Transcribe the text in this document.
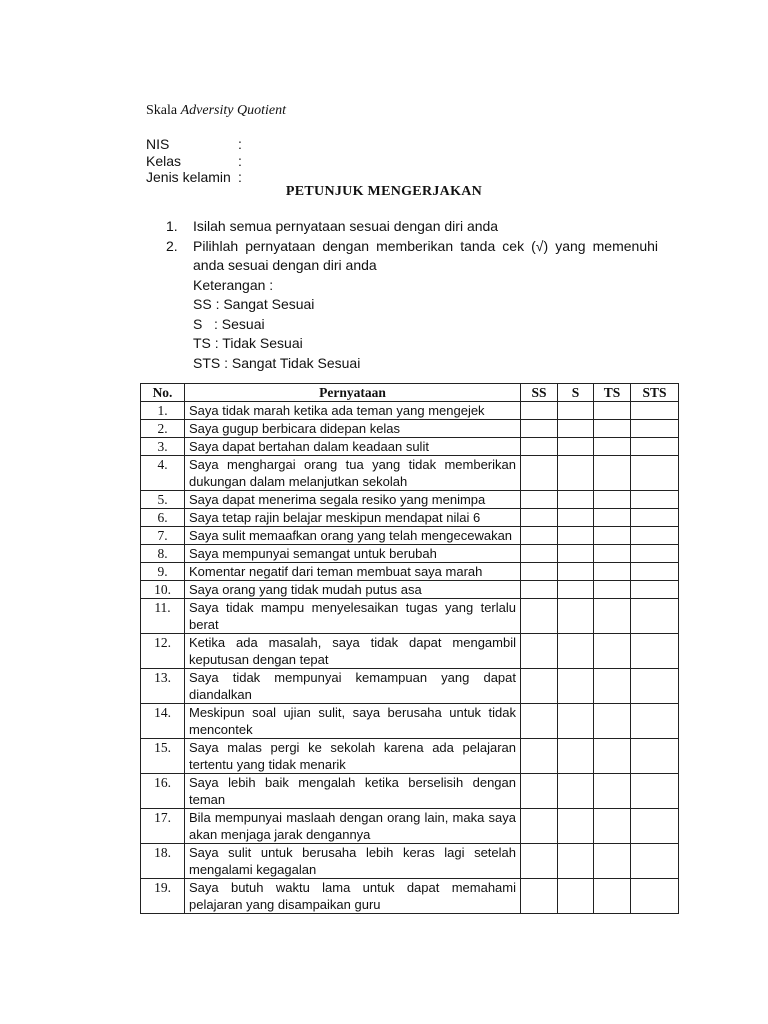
Skala Adversity Quotient
NIS	:
Kelas	:
Jenis kelamin :
PETUNJUK MENGERJAKAN
1.	Isilah semua pernyataan sesuai dengan diri anda
2.	Pilihlah pernyataan dengan memberikan tanda cek (√) yang memenuhi anda sesuai dengan diri anda
Keterangan :
SS : Sangat Sesuai
S   : Sesuai
TS : Tidak Sesuai
STS : Sangat Tidak Sesuai
No.	Pernyataan	SS	S	TS	STS
1.	Saya tidak marah ketika ada teman yang mengejek				
2.	Saya gugup berbicara didepan kelas				
3.	Saya dapat bertahan dalam keadaan sulit				
4.	Saya menghargai orang tua yang tidak memberikan dukungan dalam melanjutkan sekolah				
5.	Saya dapat menerima segala resiko yang menimpa				
6.	Saya tetap rajin belajar meskipun mendapat nilai 6				
7.	Saya sulit memaafkan orang yang telah mengecewakan				
8.	Saya mempunyai semangat untuk berubah				
9.	Komentar negatif dari teman membuat saya marah				
10.	Saya orang yang tidak mudah putus asa				
11.	Saya tidak mampu menyelesaikan tugas yang terlalu berat				
12.	Ketika ada masalah, saya tidak dapat mengambil keputusan dengan tepat				
13.	Saya tidak mempunyai kemampuan yang dapat diandalkan				
14.	Meskipun soal ujian sulit, saya berusaha untuk tidak mencontek				
15.	Saya malas pergi ke sekolah karena ada pelajaran tertentu yang tidak menarik				
16.	Saya lebih baik mengalah ketika berselisih dengan teman				
17.	Bila mempunyai maslaah dengan orang lain, maka saya akan menjaga jarak dengannya				
18.	Saya sulit untuk berusaha lebih keras lagi setelah mengalami kegagalan				
19.	Saya butuh waktu lama untuk dapat memahami pelajaran yang disampaikan guru				
